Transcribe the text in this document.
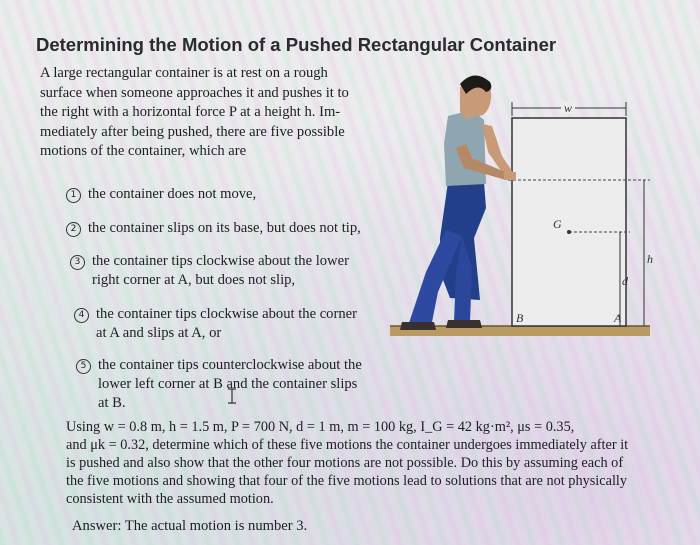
Determining the Motion of a Pushed Rectangular Container

A large rectangular container is at rest on a rough
surface when someone approaches it and pushes it to
the right with a horizontal force P at a height h. Im-
mediately after being pushed, there are five possible
motions of the container, which are

1 the container does not move,
2 the container slips on its base, but does not tip,
3 the container tips clockwise about the lower
right corner at A, but does not slip,
4 the container tips clockwise about the corner
at A and slips at A, or
5 the container tips counterclockwise about the
lower left corner at B and the container slips
at B.

Using w = 0.8 m, h = 1.5 m, P = 700 N, d = 1 m, m = 100 kg, I_G = 42 kg·m², μs = 0.35,
and μk = 0.32, determine which of these five motions the container undergoes immediately after it
is pushed and also show that the other four motions are not possible. Do this by assuming each of
the five motions and showing that four of the five motions lead to solutions that are not physically
consistent with the assumed motion.

Answer: The actual motion is number 3.
w
h
d
G
B	A
